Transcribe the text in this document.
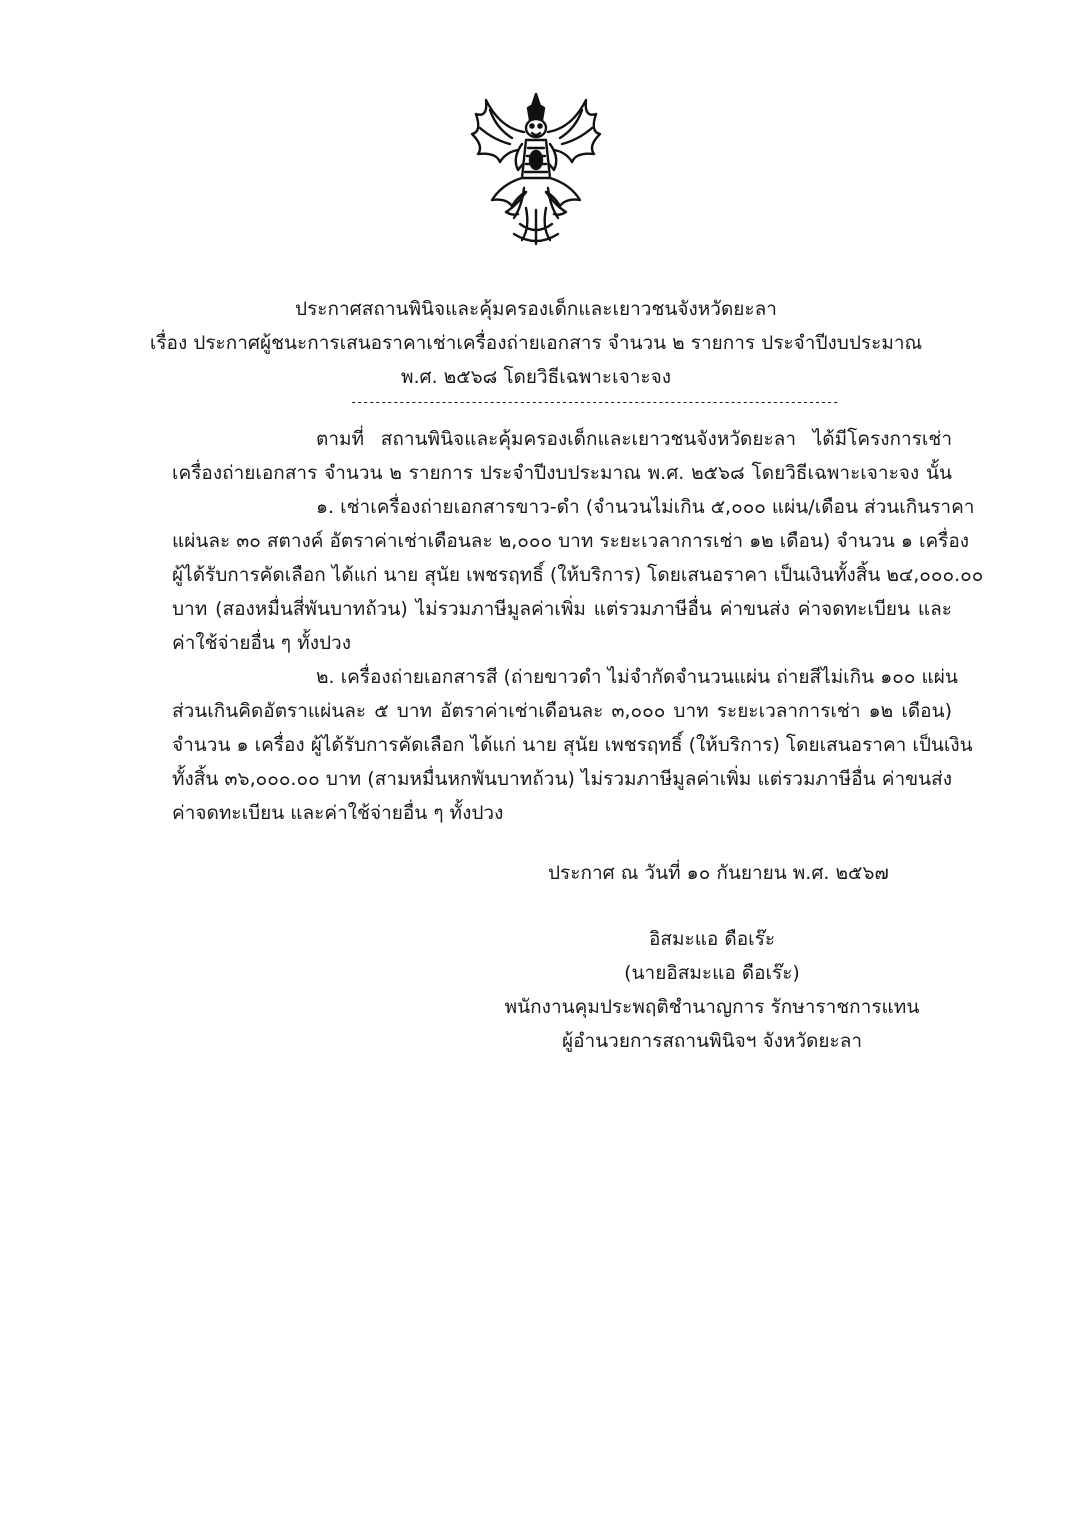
ประกาศสถานพินิจและคุ้มครองเด็กและเยาวชนจังหวัดยะลา
เรื่อง ประกาศผู้ชนะการเสนอราคาเช่าเครื่องถ่ายเอกสาร จำนวน ๒ รายการ ประจำปีงบประมาณ
พ.ศ. ๒๕๖๘ โดยวิธีเฉพาะเจาะจง
---------------------------------------------------------------------------------
ตามที่ สถานพินิจและคุ้มครองเด็กและเยาวชนจังหวัดยะลา ได้มีโครงการเช่า
เครื่องถ่ายเอกสาร จำนวน ๒ รายการ ประจำปีงบประมาณ พ.ศ. ๒๕๖๘ โดยวิธีเฉพาะเจาะจง นั้น
๑. เช่าเครื่องถ่ายเอกสารขาว-ดำ (จำนวนไม่เกิน ๕,๐๐๐ แผ่น/เดือน ส่วนเกินราคา
แผ่นละ ๓๐ สตางค์ อัตราค่าเช่าเดือนละ ๒,๐๐๐ บาท ระยะเวลาการเช่า ๑๒ เดือน) จำนวน ๑ เครื่อง
ผู้ได้รับการคัดเลือก ได้แก่ นาย สุนัย เพชรฤทธิ์ (ให้บริการ) โดยเสนอราคา เป็นเงินทั้งสิ้น ๒๔,๐๐๐.๐๐
บาท (สองหมื่นสี่พันบาทถ้วน) ไม่รวมภาษีมูลค่าเพิ่ม แต่รวมภาษีอื่น ค่าขนส่ง ค่าจดทะเบียน และ
ค่าใช้จ่ายอื่น ๆ ทั้งปวง
๒. เครื่องถ่ายเอกสารสี (ถ่ายขาวดำ ไม่จำกัดจำนวนแผ่น ถ่ายสีไม่เกิน ๑๐๐ แผ่น
ส่วนเกินคิดอัตราแผ่นละ ๕ บาท อัตราค่าเช่าเดือนละ ๓,๐๐๐ บาท ระยะเวลาการเช่า ๑๒ เดือน)
จำนวน ๑ เครื่อง ผู้ได้รับการคัดเลือก ได้แก่ นาย สุนัย เพชรฤทธิ์ (ให้บริการ) โดยเสนอราคา เป็นเงิน
ทั้งสิ้น ๓๖,๐๐๐.๐๐ บาท (สามหมื่นหกพันบาทถ้วน) ไม่รวมภาษีมูลค่าเพิ่ม แต่รวมภาษีอื่น ค่าขนส่ง
ค่าจดทะเบียน และค่าใช้จ่ายอื่น ๆ ทั้งปวง
ประกาศ ณ วันที่ ๑๐ กันยายน พ.ศ. ๒๕๖๗
อิสมะแอ ดือเร๊ะ
(นายอิสมะแอ ดือเร๊ะ)
พนักงานคุมประพฤติชำนาญการ รักษาราชการแทน
ผู้อำนวยการสถานพินิจฯ จังหวัดยะลา
